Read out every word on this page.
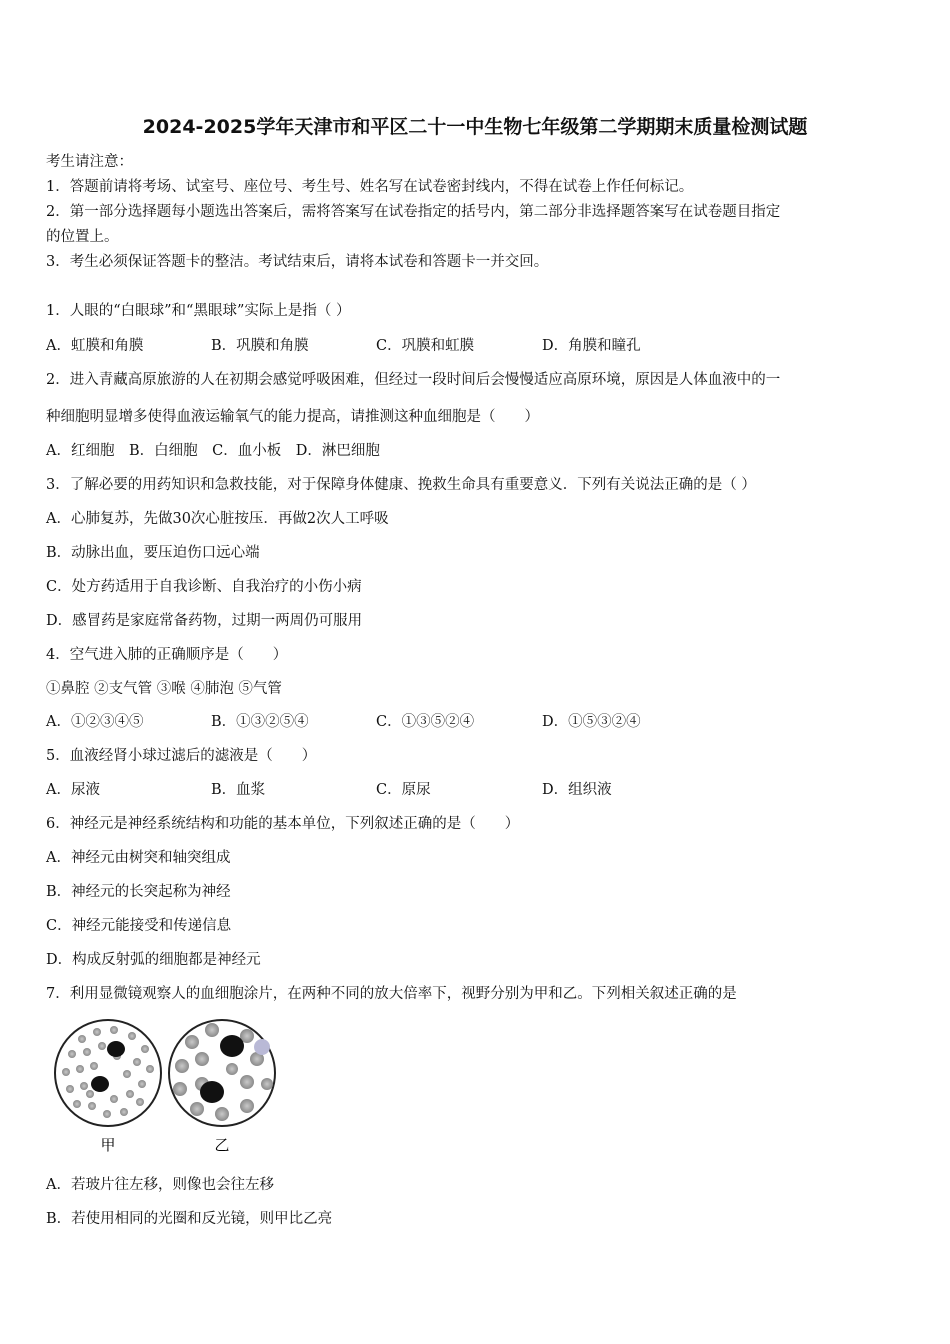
2024-2025学年天津市和平区二十一中生物七年级第二学期期末质量检测试题
考生请注意：
1．答题前请将考场、试室号、座位号、考生号、姓名写在试卷密封线内，不得在试卷上作任何标记。
2．第一部分选择题每小题选出答案后，需将答案写在试卷指定的括号内，第二部分非选择题答案写在试卷题目指定
的位置上。
3．考生必须保证答题卡的整洁。考试结束后，请将本试卷和答题卡一并交回。
1．人眼的“白眼球”和“黑眼球”实际上是指（ ）
A．虹膜和角膜	B．巩膜和角膜	C．巩膜和虹膜	D．角膜和瞳孔
2．进入青藏高原旅游的人在初期会感觉呼吸困难，但经过一段时间后会慢慢适应高原环境，原因是人体血液中的一
种细胞明显增多使得血液运输氧气的能力提高，请推测这种血细胞是（　　）
A．红细胞　B．白细胞　C．血小板　D．淋巴细胞
3．了解必要的用药知识和急救技能，对于保障身体健康、挽救生命具有重要意义．下列有关说法正确的是（ ）
A．心肺复苏，先做30次心脏按压．再做2次人工呼吸
B．动脉出血，要压迫伤口远心端
C．处方药适用于自我诊断、自我治疗的小伤小病
D．感冒药是家庭常备药物，过期一两周仍可服用
4．空气进入肺的正确顺序是（　　）
①鼻腔 ②支气管 ③喉 ④肺泡 ⑤气管
A．①②③④⑤	B．①③②⑤④	C．①③⑤②④	D．①⑤③②④
5．血液经肾小球过滤后的滤液是（　　）
A．尿液	B．血浆	C．原尿	D．组织液
6．神经元是神经系统结构和功能的基本单位，下列叙述正确的是（　　）
A．神经元由树突和轴突组成
B．神经元的长突起称为神经
C．神经元能接受和传递信息
D．构成反射弧的细胞都是神经元
7．利用显微镜观察人的血细胞涂片，在两种不同的放大倍率下，视野分别为甲和乙。下列相关叙述正确的是
甲	乙
A．若玻片往左移，则像也会往左移
B．若使用相同的光圈和反光镜，则甲比乙亮
